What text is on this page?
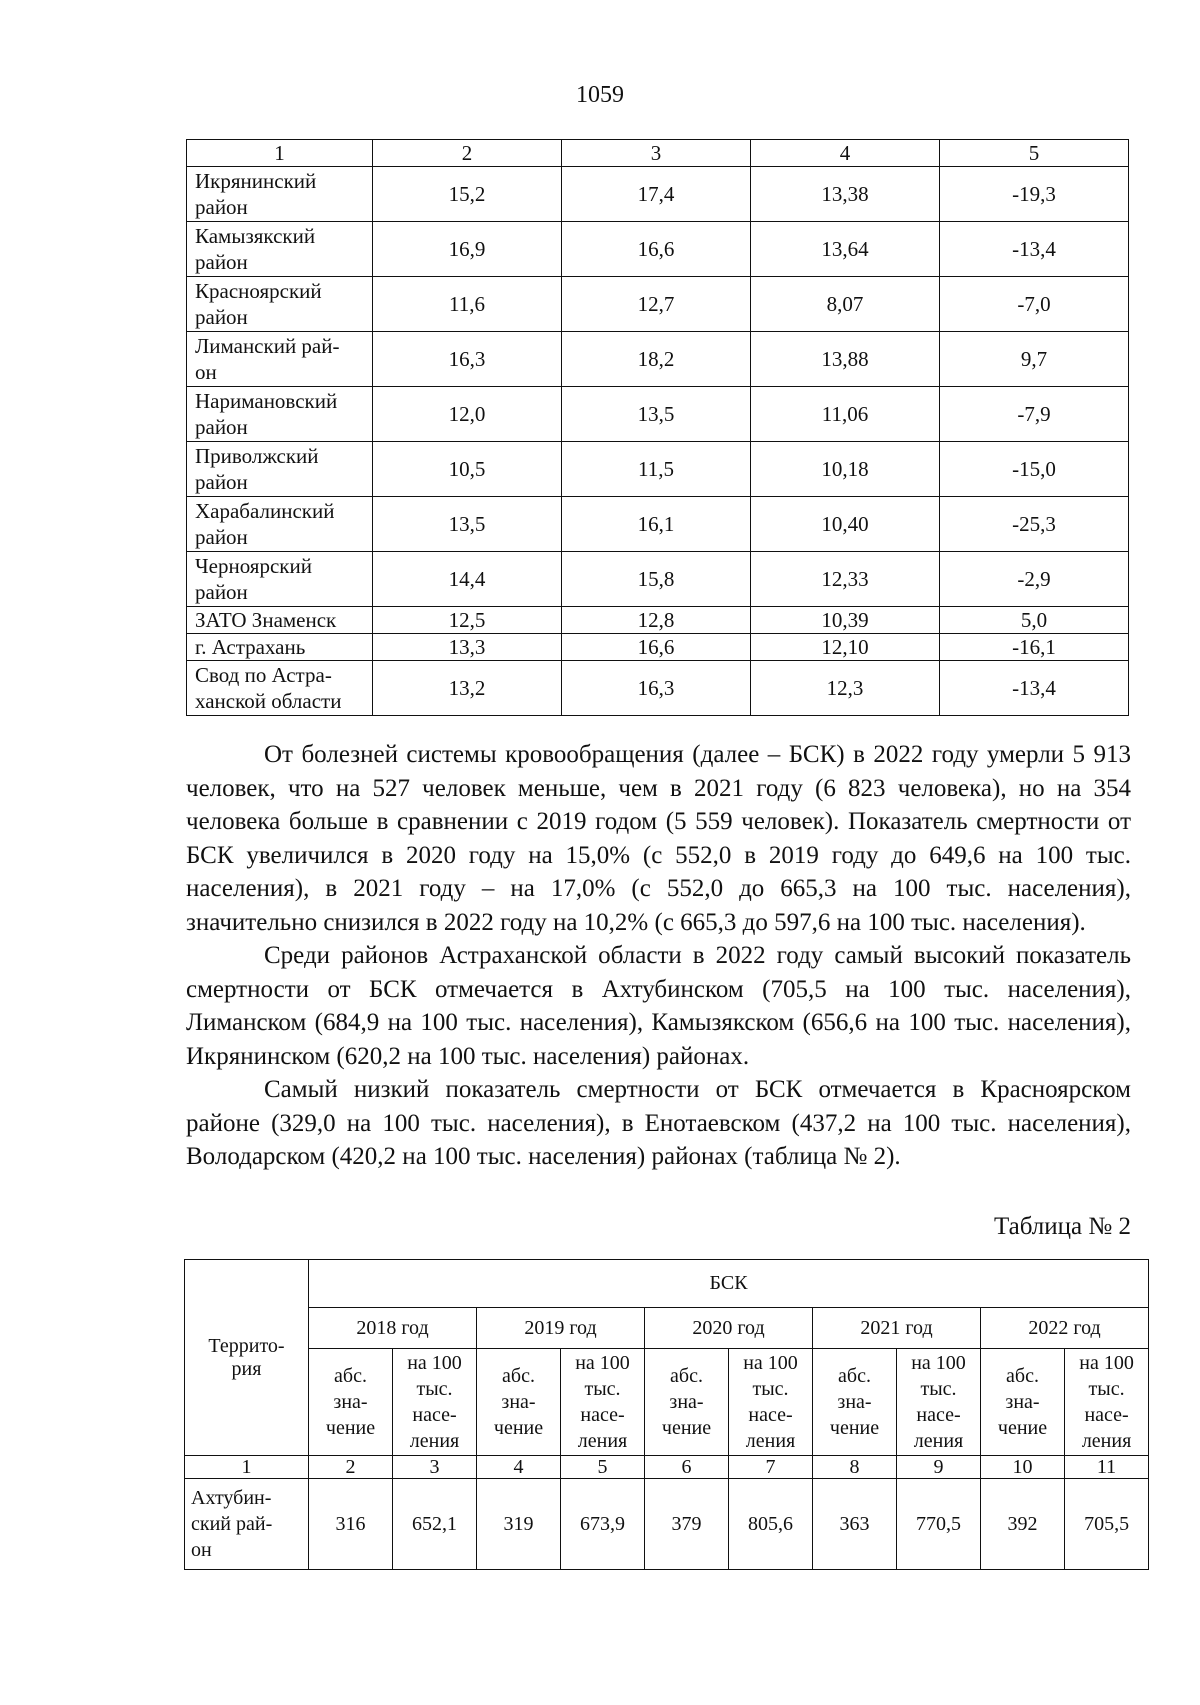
1059
1	2	3	4	5
Икрянинский
район	15,2	17,4	13,38	-19,3
Камызякский
район	16,9	16,6	13,64	-13,4
Красноярский
район	11,6	12,7	8,07	-7,0
Лиманский рай-
он	16,3	18,2	13,88	9,7
Наримановский
район	12,0	13,5	11,06	-7,9
Приволжский
район	10,5	11,5	10,18	-15,0
Харабалинский
район	13,5	16,1	10,40	-25,3
Черноярский
район	14,4	15,8	12,33	-2,9
ЗАТО Знаменск	12,5	12,8	10,39	5,0
г. Астрахань	13,3	16,6	12,10	-16,1
Свод по Астра-
ханской области	13,2	16,3	12,3	-13,4

От болезней системы кровообращения (далее – БСК) в 2022 году умерли 5 913 человек, что на 527 человек меньше, чем в 2021 году (6 823 человека), но на 354 человека больше в сравнении с 2019 годом (5 559 человек). Показатель смертности от БСК увеличился в 2020 году на 15,0% (с 552,0 в 2019 году до 649,6 на 100 тыс. населения), в 2021 году – на 17,0% (с 552,0 до 665,3 на 100 тыс. населения), значительно снизился в 2022 году на 10,2% (с 665,3 до 597,6 на 100 тыс. населения).

Среди районов Астраханской области в 2022 году самый высокий показатель смертности от БСК отмечается в Ахтубинском (705,5 на 100 тыс. населения), Лиманском (684,9 на 100 тыс. населения), Камызякском (656,6 на 100 тыс. населения), Икрянинском (620,2 на 100 тыс. населения) районах.

Самый низкий показатель смертности от БСК отмечается в Красноярском районе (329,0 на 100 тыс. населения), в Енотаевском (437,2 на 100 тыс. населения), Володарском (420,2 на 100 тыс. населения) районах (таблица № 2).

Таблица № 2
Террито-
рия	БСК									
	2018 год		2019 год		2020 год		2021 год		2022 год	
	абс.
зна-
чение	на 100
тыс.
насе-
ления	абс.
зна-
чение	на 100
тыс.
насе-
ления	абс.
зна-
чение	на 100
тыс.
насе-
ления	абс.
зна-
чение	на 100
тыс.
насе-
ления	абс.
зна-
чение	на 100
тыс.
насе-
ления
1	2	3	4	5	6	7	8	9	10	11
Ахтубин-
ский рай-
он	316	652,1	319	673,9	379	805,6	363	770,5	392	705,5
